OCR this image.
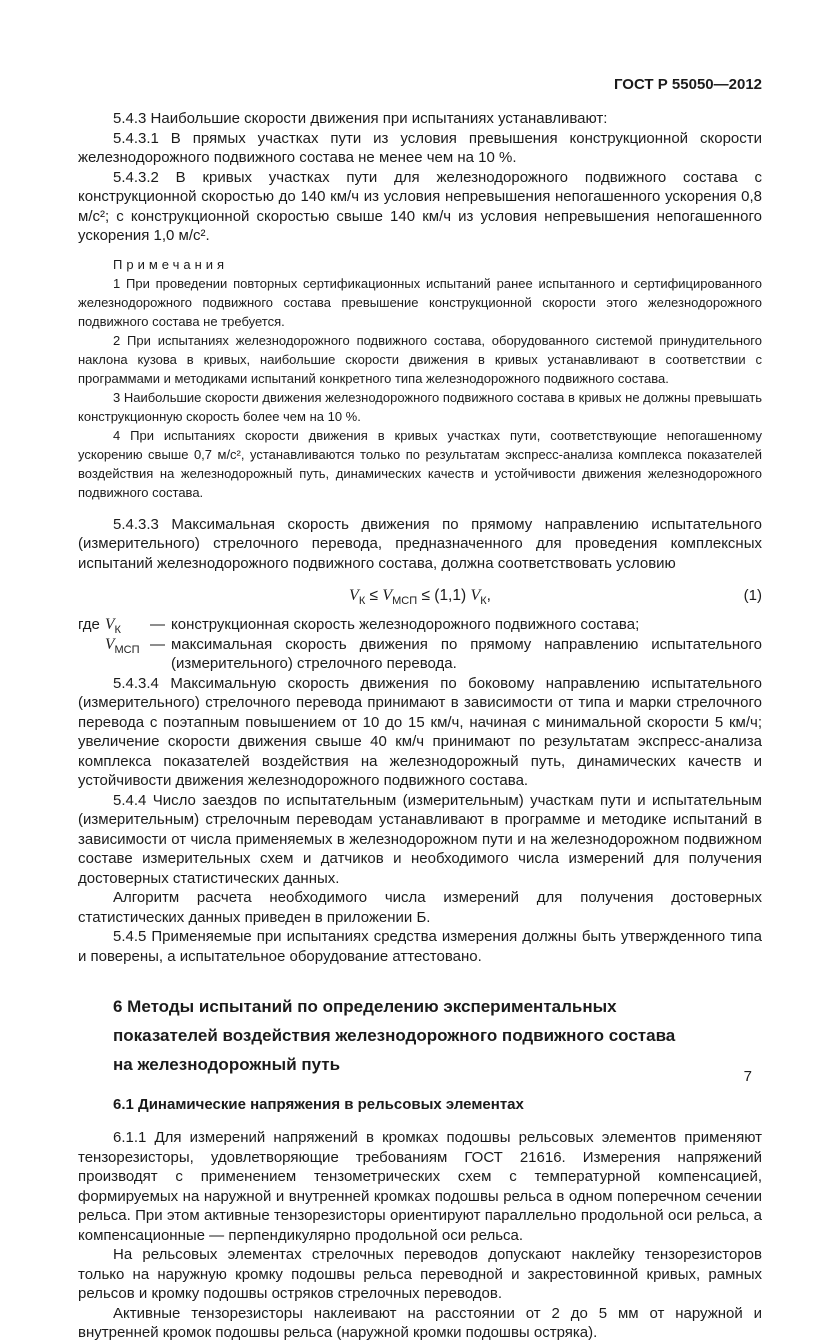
ГОСТ Р 55050—2012

5.4.3 Наибольшие скорости движения при испытаниях устанавливают:

5.4.3.1 В прямых участках пути из условия превышения конструкционной скорости железнодорожного подвижного состава не менее чем на 10 %.

5.4.3.2 В кривых участках пути для железнодорожного подвижного состава с конструкционной скоростью до 140 км/ч из условия непревышения непогашенного ускорения 0,8 м/с²; с конструкционной скоростью свыше 140 км/ч из условия непревышения непогашенного ускорения 1,0 м/с².

Примечания

1 При проведении повторных сертификационных испытаний ранее испытанного и сертифицированного железнодорожного подвижного состава превышение конструкционной скорости этого железнодорожного подвижного состава не требуется.

2 При испытаниях железнодорожного подвижного состава, оборудованного системой принудительного наклона кузова в кривых, наибольшие скорости движения в кривых устанавливают в соответствии с программами и методиками испытаний конкретного типа железнодорожного подвижного состава.

3 Наибольшие скорости движения железнодорожного подвижного состава в кривых не должны превышать конструкционную скорость более чем на 10 %.

4 При испытаниях скорости движения в кривых участках пути, соответствующие непогашенному ускорению свыше 0,7 м/с², устанавливаются только по результатам экспресс-анализа комплекса показателей воздействия на железнодорожный путь, динамических качеств и устойчивости движения железнодорожного подвижного состава.

5.4.3.3 Максимальная скорость движения по прямому направлению испытательного (измерительного) стрелочного перевода, предназначенного для проведения комплексных испытаний железнодорожного подвижного состава, должна соответствовать условию

$V_К \le V_{МСП} \le (1,1)$ $V_К$,	(1)
где $V_К$	— конструкционная скорость железнодорожного подвижного состава;
$V_{МСП}$ — максимальная скорость движения по прямому направлению испытательного (измерительного) стрелочного перевода.

5.4.3.4 Максимальную скорость движения по боковому направлению испытательного (измерительного) стрелочного перевода принимают в зависимости от типа и марки стрелочного перевода с поэтапным повышением от 10 до 15 км/ч, начиная с минимальной скорости 5 км/ч; увеличение скорости движения свыше 40 км/ч принимают по результатам экспресс-анализа комплекса показателей воздействия на железнодорожный путь, динамических качеств и устойчивости движения железнодорожного подвижного состава.

5.4.4 Число заездов по испытательным (измерительным) участкам пути и испытательным (измерительным) стрелочным переводам устанавливают в программе и методике испытаний в зависимости от числа применяемых в железнодорожном пути и на железнодорожном подвижном составе измерительных схем и датчиков и необходимого числа измерений для получения достоверных статистических данных.

Алгоритм расчета необходимого числа измерений для получения достоверных статистических данных приведен в приложении Б.

5.4.5 Применяемые при испытаниях средства измерения должны быть утвержденного типа и поверены, а испытательное оборудование аттестовано.

6 Методы испытаний по определению экспериментальных
показателей воздействия железнодорожного подвижного состава
на железнодорожный путь
6.1 Динамические напряжения в рельсовых элементах

6.1.1 Для измерений напряжений в кромках подошвы рельсовых элементов применяют тензорезисторы, удовлетворяющие требованиям ГОСТ 21616. Измерения напряжений производят с применением тензометрических схем с температурной компенсацией, формируемых на наружной и внутренней кромках подошвы рельса в одном поперечном сечении рельса. При этом активные тензорезисторы ориентируют параллельно продольной оси рельса, а компенсационные — перпендикулярно продольной оси рельса.

На рельсовых элементах стрелочных переводов допускают наклейку тензорезисторов только на наружную кромку подошвы рельса переводной и закрестовинной кривых, рамных рельсов и кромку подошвы остряков стрелочных переводов.

Активные тензорезисторы наклеивают на расстоянии от 2 до 5 мм от наружной и внутренней кромок подошвы рельса (наружной кромки подошвы остряка).

7
